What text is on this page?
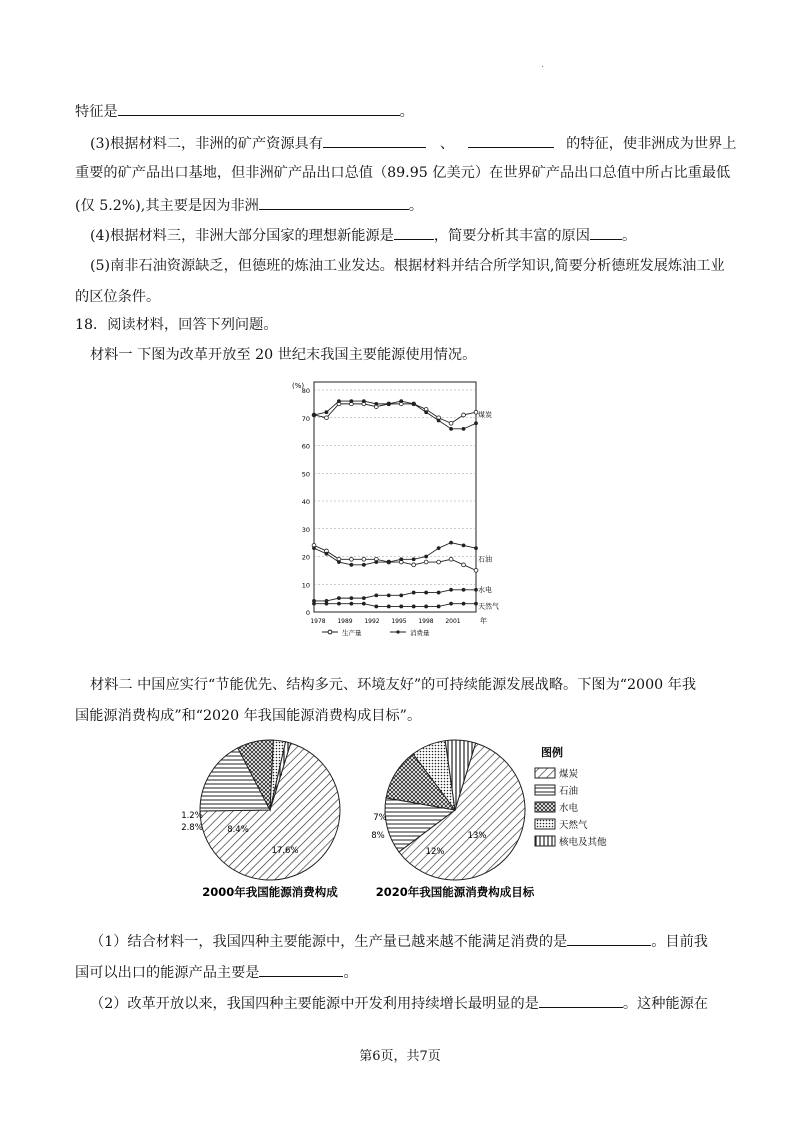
·
特征是	。
(3)根据材料二，非洲的矿产资源具有	、	的特征，使非洲成为世界上
重要的矿产品出口基地，但非洲矿产品出口总值（89.95 亿美元）在世界矿产品出口总值中所占比重最低
(仅 5.2%),其主要是因为非洲	。
(4)根据材料三，非洲大部分国家的理想新能源是	，简要分析其丰富的原因 。
(5)南非石油资源缺乏，但德班的炼油工业发达。根据材料并结合所学知识,简要分析德班发展炼油工业
的区位条件。
18．阅读材料，回答下列问题。
材料一 下图为改革开放至 20 世纪末我国主要能源使用情况。
0
10
20
30
40
50
60
70
80
(%)
1978 1989 1992 1995 1998 2001	年
煤炭
石油
水电
天然气
生产量	消费量
材料二 中国应实行“节能优先、结构多元、环境友好”的可持续能源发展战略。下图为“2000 年我
国能源消费构成”和“2020 年我国能源消费构成目标”。
17.6%
8.4%
2.8%
1.2%
2000年我国能源消费构成
13%
12%
8%
7%
2020年我国能源消费构成目标
图例
煤炭
石油
水电
天然气
核电及其他
（1）结合材料一，我国四种主要能源中，生产量已越来越不能满足消费的是	。目前我
国可以出口的能源产品主要是	。
（2）改革开放以来，我国四种主要能源中开发利用持续增长最明显的是	。这种能源在
第6页，共7页
